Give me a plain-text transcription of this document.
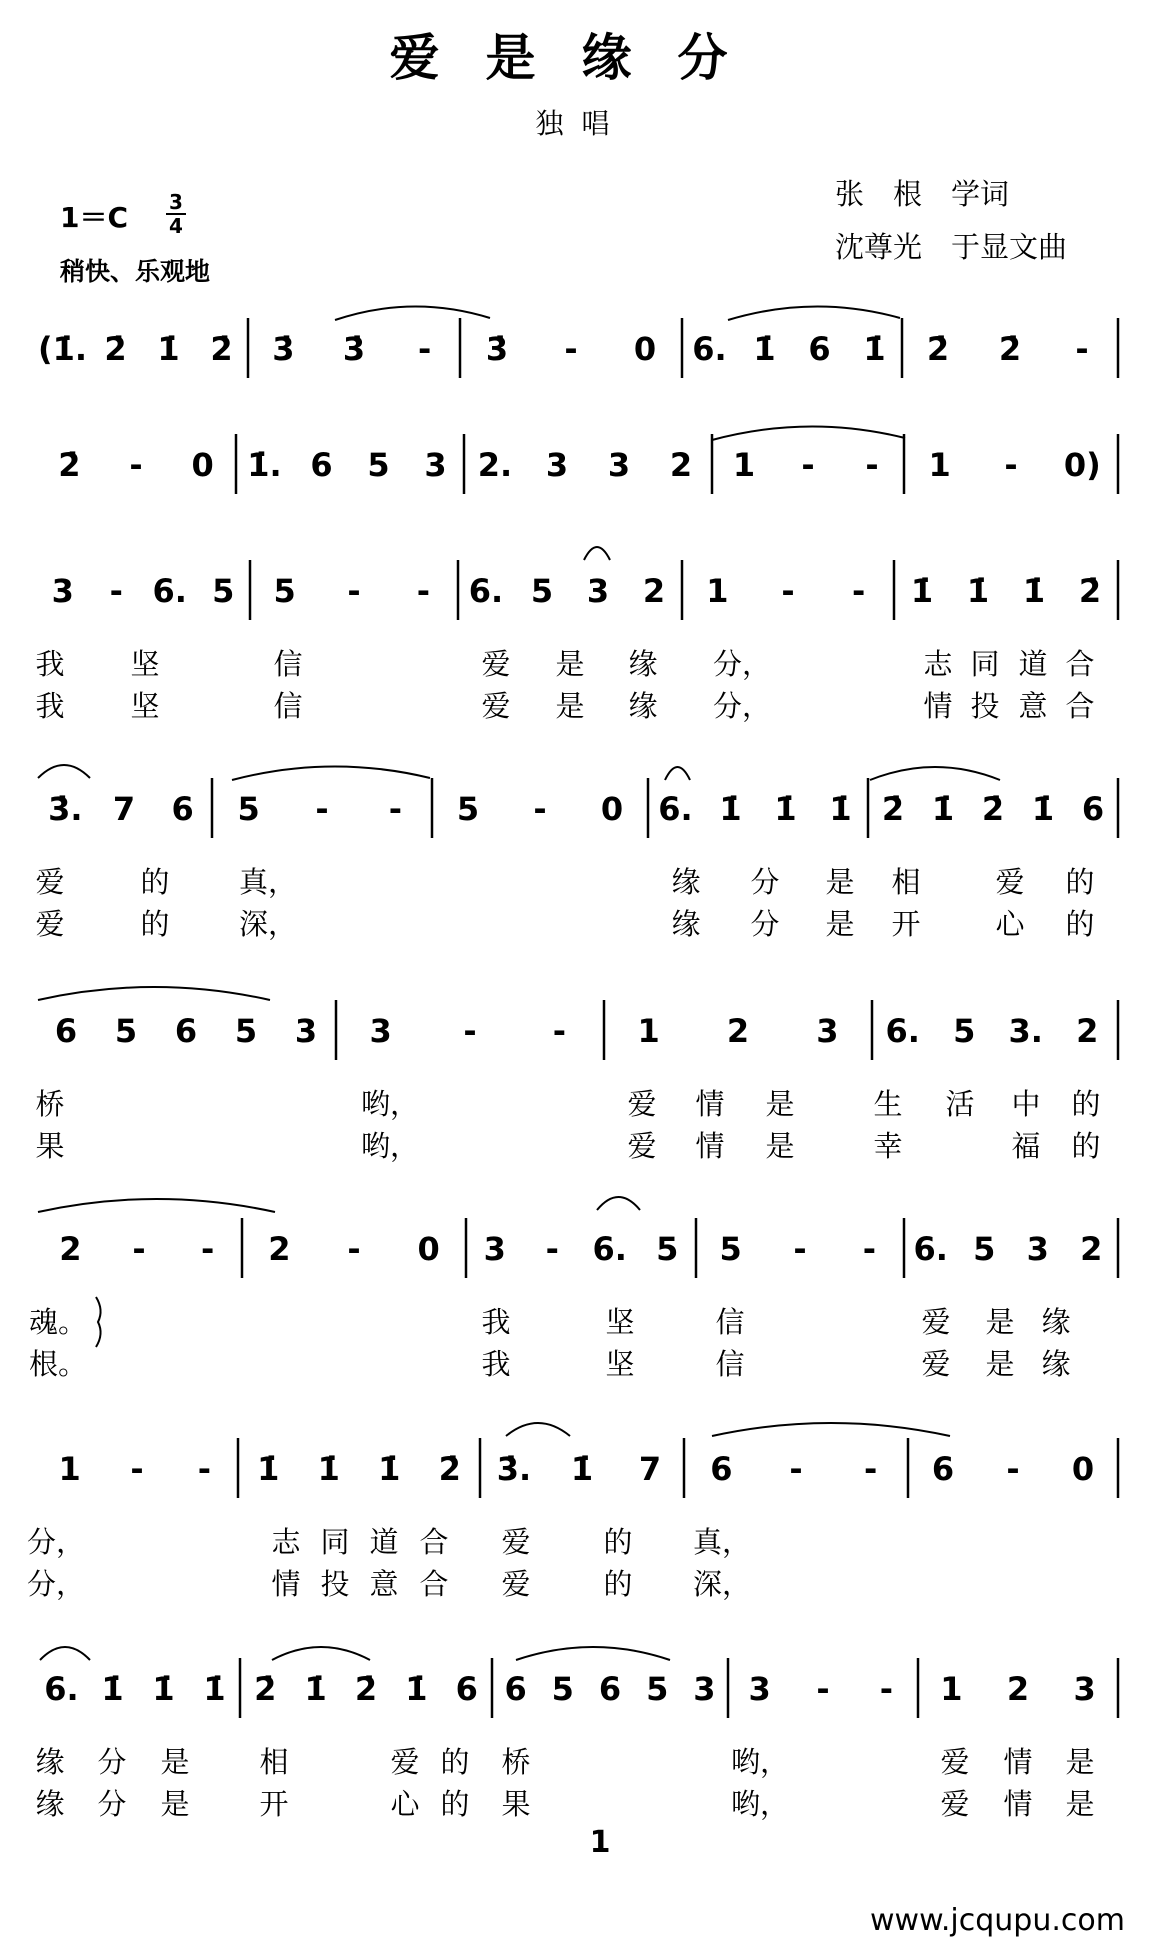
爱是缘分
独唱
1＝C 3
4
稍快、乐观地
张　根　学词
沈尊光　于显文曲
(1̇. 2̇ 1̇ 2̇ 3̇ 3̇ - 3̇ - 0 6. 1̇ 6 1̇ 2̇ 2̇ -
2̇ - 0 1̇. 6 5 3 2. 3 3 2 1 - - 1 - 0)
3 - 6. 5 5 - - 6. 5 3 2 1 - - 1̇ 1̇ 1̇ 2̇
我 坚	信	爱 是 缘 分，	志 同 道 合
我 坚	信	爱 是 缘 分，	情 投 意 合
3̇. 7 6 5 - - 5 - 0 6. 1̇ 1̇ 1̇ 2̇ 1̇ 2̇ 1̇ 6
爱	的 真，	缘 分 是 相	爱 的
爱	的 深，	缘 分 是 开	心 的
6 5 6 5 3 3 - - 1 2 3 6. 5 3. 2
桥	哟，	爱 情 是	生 活 中 的
果	哟，	爱 情 是	幸	福 的
2 - - 2 - 0 3 - 6. 5 5 - - 6. 5 3 2
魂。	我	坚	信	爱 是 缘
根。	我	坚	信	爱 是 缘
1 - - 1̇ 1̇ 1̇ 2̇ 3̇. 1̇ 7 6 - - 6 - 0
分，	志 同 道 合 爱	的 真，
分，	情 投 意 合 爱	的 深，
6. 1̇ 1̇ 1̇ 2̇ 1̇ 2̇ 1̇ 6 6 5 6 5 3 3 - - 1 2 3
缘 分 是 相	爱 的 桥	哟，	爱 情 是
缘 分 是 开	心 的 果	哟，	爱 情 是
1
www.jcqupu.com
